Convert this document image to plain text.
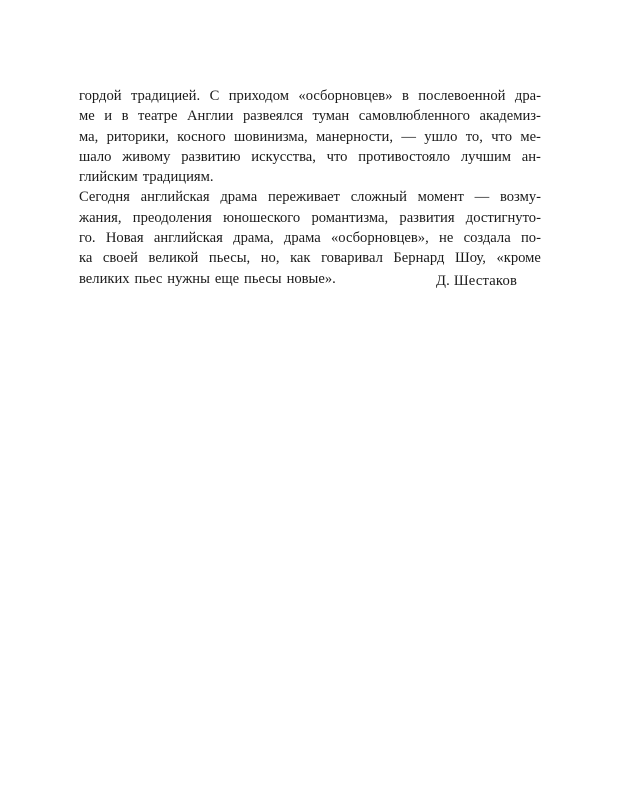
гордой традицией. С приходом «осборновцев» в послевоенной дра-
ме и в театре Англии развеялся туман самовлюбленного академиз-
ма, риторики, косного шовинизма, манерности, — ушло то, что ме-
шало живому развитию искусства, что противостояло лучшим ан-
глийским традициям.
Сегодня английская драма переживает сложный момент — возму-
жания, преодоления юношеского романтизма, развития достигнуто-
го. Новая английская драма, драма «осборновцев», не создала по-
ка своей великой пьесы, но, как говаривал Бернард Шоу, «кроме
великих пьес нужны еще пьесы новые».	Д. Шестаков
